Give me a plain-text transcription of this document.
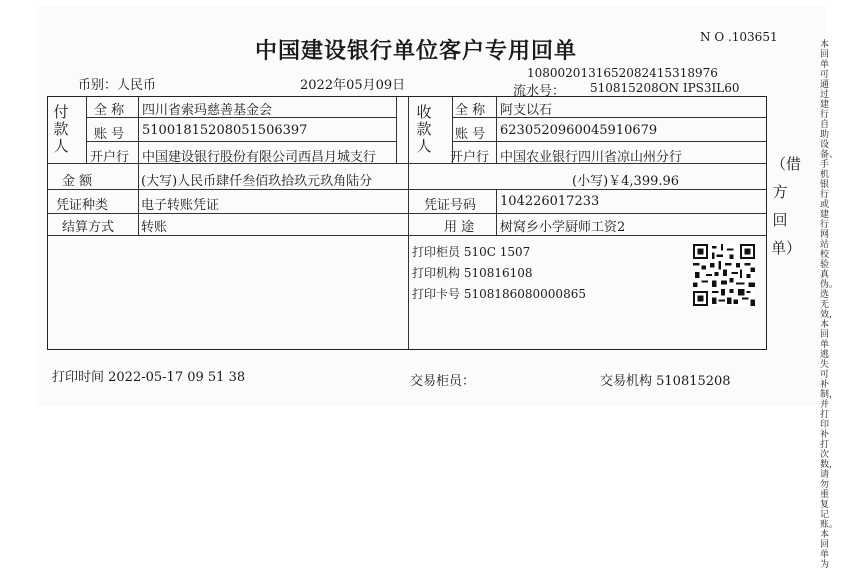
N O .103651
中国建设银行单位客户专用回单
币别：人民币	2022年05月09日
1080020131652082415318976
流水号： 510815208ON IPS3IL60
付款人
全 称 四川省索玛慈善基金会
账 号 51001815208051506397
开户行 中国建设银行股份有限公司西昌月城支行
收款人
全 称 阿支以石
账 号 6230520960045910679
开户行 中国农业银行四川省凉山州分行
金 额	(大写)人民币肆仟叁佰玖拾玖元玖角陆分	(小写)￥4,399.96
凭证种类	电子转账凭证	凭证号码 104226017233
结算方式 转账	用 途 树窝乡小学厨师工资2
打印柜员 510C 1507
打印机构 510816108
打印卡号 5108186080000865
打印时间 2022-05-17 09 51 38	交易柜员：	交易机构 510815208
（借方回单）
本回单可通过建行自助设备、手机银行或建行网站校验真伪。选无效，本回单逃失可补制，并打印补打次数，请勿重复记账。本回单为
